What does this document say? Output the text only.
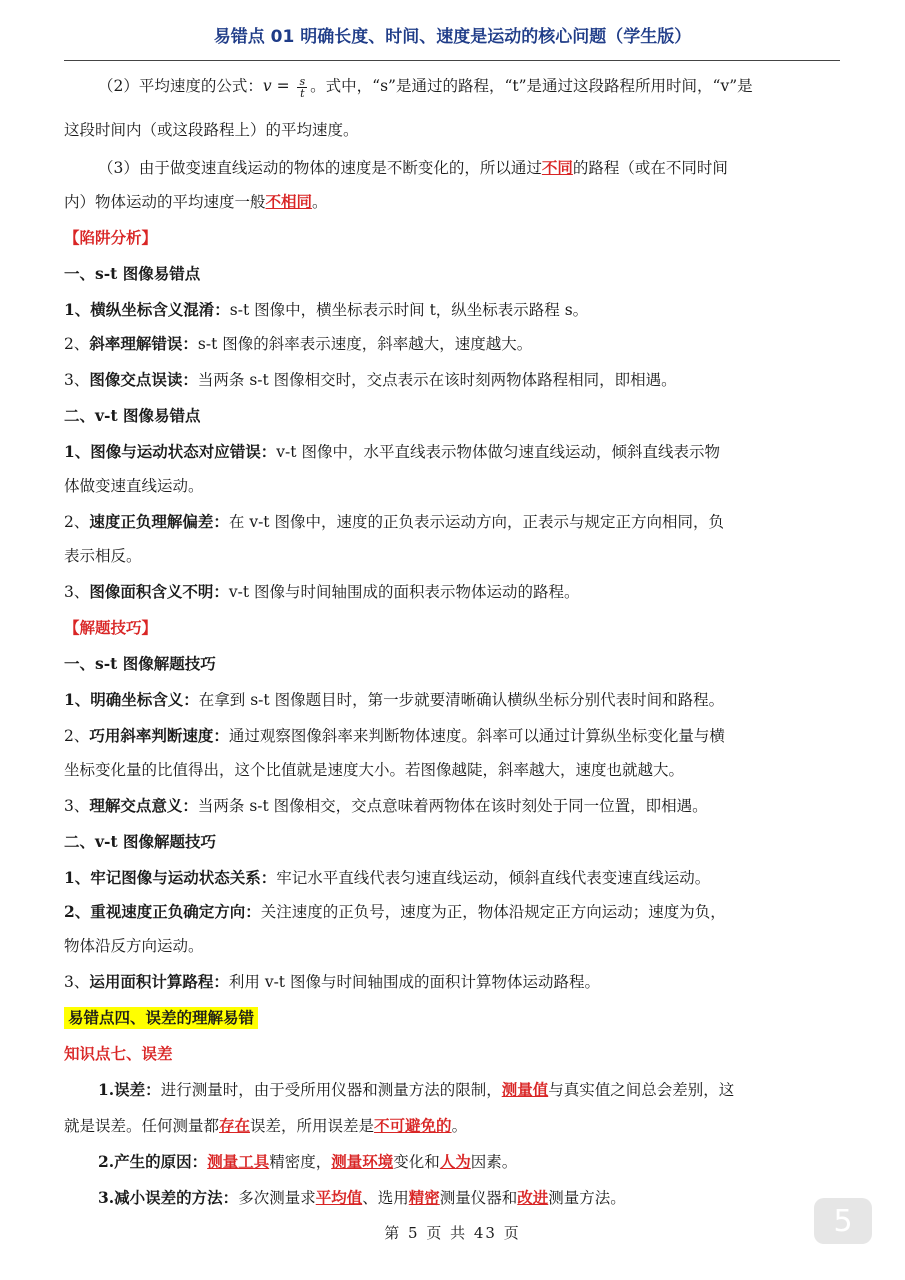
易错点 01 明确长度、时间、速度是运动的核心问题（学生版）
（2）平均速度的公式：$v = \frac{s}{t}$ 。式中，“s”是通过的路程，“t”是通过这段路程所用时间，“v”是
这段时间内（或这段路程上）的平均速度。
（3）由于做变速直线运动的物体的速度是不断变化的，所以通过不同的路程（或在不同时间
内）物体运动的平均速度一般不相同。
【陷阱分析】
一、s-t 图像易错点
1、横纵坐标含义混淆：s-t 图像中，横坐标表示时间 t，纵坐标表示路程 s。
2、斜率理解错误：s-t 图像的斜率表示速度，斜率越大，速度越大。
3、图像交点误读：当两条 s-t 图像相交时，交点表示在该时刻两物体路程相同，即相遇。
二、v-t 图像易错点
1、图像与运动状态对应错误：v-t 图像中，水平直线表示物体做匀速直线运动，倾斜直线表示物
体做变速直线运动。
2、速度正负理解偏差：在 v-t 图像中，速度的正负表示运动方向，正表示与规定正方向相同，负
表示相反。
3、图像面积含义不明：v-t 图像与时间轴围成的面积表示物体运动的路程。
【解题技巧】
一、s-t 图像解题技巧
1、明确坐标含义：在拿到 s-t 图像题目时，第一步就要清晰确认横纵坐标分别代表时间和路程。
2、巧用斜率判断速度：通过观察图像斜率来判断物体速度。斜率可以通过计算纵坐标变化量与横
坐标变化量的比值得出，这个比值就是速度大小。若图像越陡，斜率越大，速度也就越大。
3、理解交点意义：当两条 s-t 图像相交，交点意味着两物体在该时刻处于同一位置，即相遇。
二、v-t 图像解题技巧
1、牢记图像与运动状态关系：牢记水平直线代表匀速直线运动，倾斜直线代表变速直线运动。
2、重视速度正负确定方向：关注速度的正负号，速度为正，物体沿规定正方向运动；速度为负，
物体沿反方向运动。
3、运用面积计算路程：利用 v-t 图像与时间轴围成的面积计算物体运动路程。
易错点四、误差的理解易错
知识点七、误差
1.误差：进行测量时，由于受所用仪器和测量方法的限制，测量值与真实值之间总会差别，这
就是误差。任何测量都存在误差，所用误差是不可避免的。
2.产生的原因：测量工具精密度，测量环境变化和人为因素。
3.减小误差的方法：多次测量求平均值、选用精密测量仪器和改进测量方法。
第 5 页 共 43 页	5
